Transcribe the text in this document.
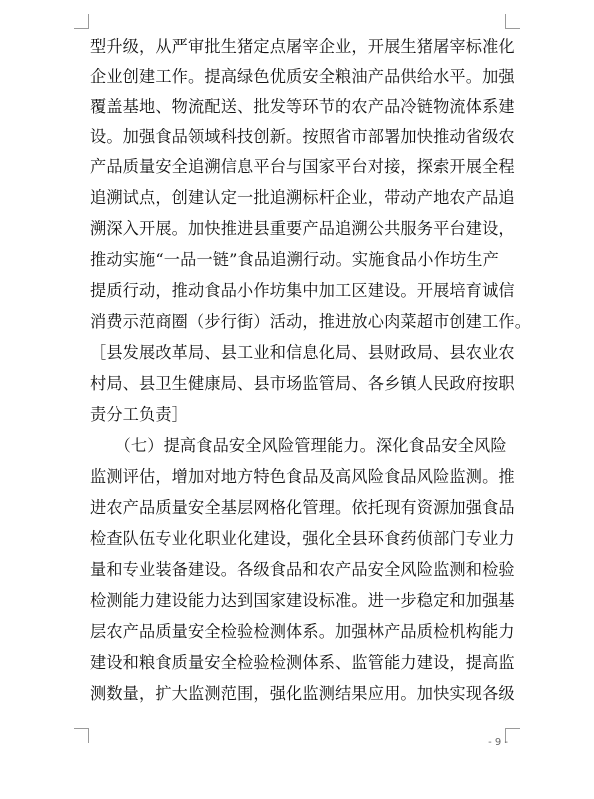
型升级，从严审批生猪定点屠宰企业，开展生猪屠宰标准化
企业创建工作。提高绿色优质安全粮油产品供给水平。加强
覆盖基地、物流配送、批发等环节的农产品冷链物流体系建
设。加强食品领域科技创新。按照省市部署加快推动省级农
产品质量安全追溯信息平台与国家平台对接，探索开展全程
追溯试点，创建认定一批追溯标杆企业，带动产地农产品追
溯深入开展。加快推进县重要产品追溯公共服务平台建设，
推动实施“一品一链”食品追溯行动。实施食品小作坊生产
提质行动，推动食品小作坊集中加工区建设。开展培育诚信
消费示范商圈（步行街）活动，推进放心肉菜超市创建工作。
［县发展改革局、县工业和信息化局、县财政局、县农业农
村局、县卫生健康局、县市场监管局、各乡镇人民政府按职
责分工负责］
　　（七）提高食品安全风险管理能力。深化食品安全风险
监测评估，增加对地方特色食品及高风险食品风险监测。推
进农产品质量安全基层网格化管理。依托现有资源加强食品
检查队伍专业化职业化建设，强化全县环食药侦部门专业力
量和专业装备建设。各级食品和农产品安全风险监测和检验
检测能力建设能力达到国家建设标准。进一步稳定和加强基
层农产品质量安全检验检测体系。加强林产品质检机构能力
建设和粮食质量安全检验检测体系、监管能力建设，提高监
测数量，扩大监测范围，强化监测结果应用。加快实现各级
- 9 -
